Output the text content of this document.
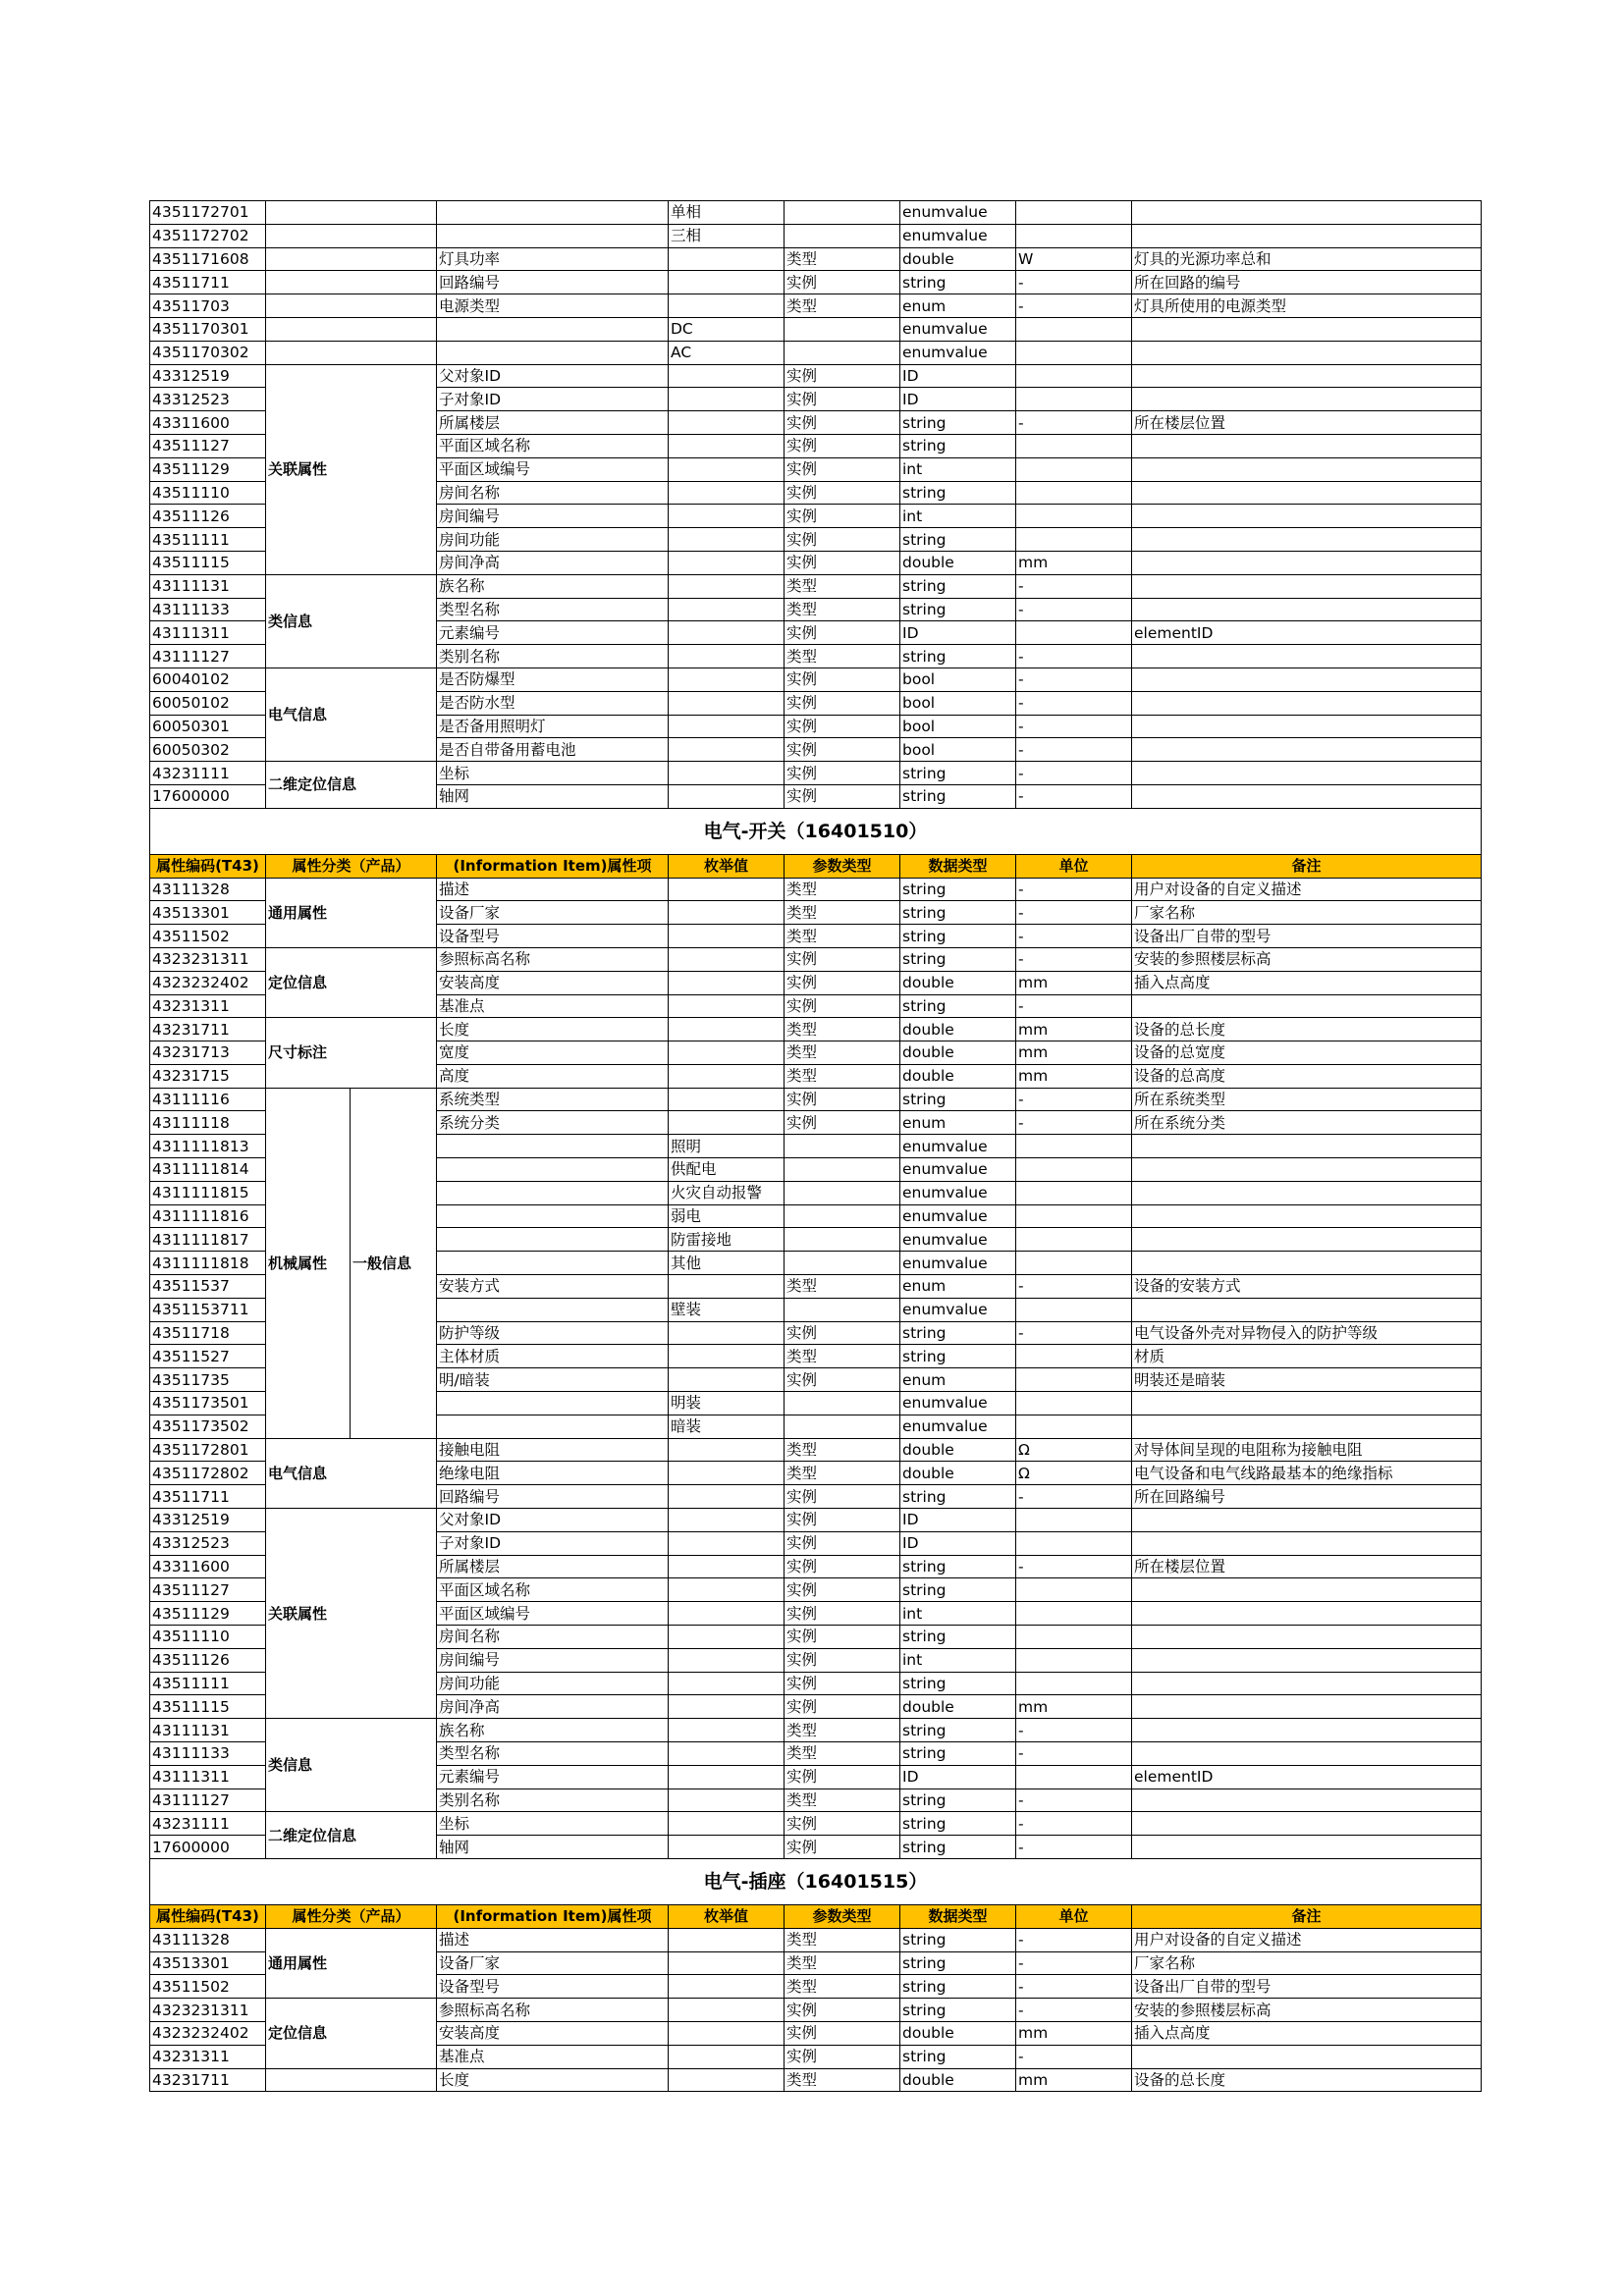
4351172701				单相		enumvalue		
4351172702				三相		enumvalue		
4351171608			灯具功率		类型	double	W	灯具的光源功率总和
43511711			回路编号		实例	string	-	所在回路的编号
43511703			电源类型		类型	enum	-	灯具所使用的电源类型
4351170301				DC		enumvalue		
4351170302				AC		enumvalue		
43312519	关联属性		父对象ID		实例	ID		
43312523			子对象ID		实例	ID		
43311600			所属楼层		实例	string	-	所在楼层位置
43511127			平面区域名称		实例	string		
43511129			平面区域编号		实例	int		
43511110			房间名称		实例	string		
43511126			房间编号		实例	int		
43511111			房间功能		实例	string		
43511115			房间净高		实例	double	mm	
43111131	类信息		族名称		类型	string	-	
43111133			类型名称		类型	string	-	
43111311			元素编号		实例	ID		elementID
43111127			类别名称		类型	string	-	
60040102	电气信息		是否防爆型		实例	bool	-	
60050102			是否防水型		实例	bool	-	
60050301			是否备用照明灯		实例	bool	-	
60050302			是否自带备用蓄电池		实例	bool	-	
43231111	二维定位信息		坐标		实例	string	-	
17600000			轴网		实例	string	-	
电气-开关（16401510）								
属性编码(T43)	属性分类（产品）		(Information Item)属性项	枚举值	参数类型	数据类型	单位	备注
43111328	通用属性		描述		类型	string	-	用户对设备的自定义描述
43513301			设备厂家		类型	string	-	厂家名称
43511502			设备型号		类型	string	-	设备出厂自带的型号
4323231311	定位信息		参照标高名称		实例	string	-	安装的参照楼层标高
4323232402			安装高度		实例	double	mm	插入点高度
43231311			基准点		实例	string	-	
43231711	尺寸标注		长度		类型	double	mm	设备的总长度
43231713			宽度		类型	double	mm	设备的总宽度
43231715			高度		类型	double	mm	设备的总高度
43111116	机械属性	一般信息	系统类型		实例	string	-	所在系统类型
43111118			系统分类		实例	enum	-	所在系统分类
4311111813				照明		enumvalue		
4311111814				供配电		enumvalue		
4311111815				火灾自动报警		enumvalue		
4311111816				弱电		enumvalue		
4311111817				防雷接地		enumvalue		
4311111818				其他		enumvalue		
43511537			安装方式		类型	enum	-	设备的安装方式
4351153711				壁装		enumvalue		
43511718			防护等级		实例	string	-	电气设备外壳对异物侵入的防护等级
43511527			主体材质		类型	string		材质
43511735			明/暗装		实例	enum		明装还是暗装
4351173501				明装		enumvalue		
4351173502				暗装		enumvalue		
4351172801	电气信息		接触电阻		类型	double	Ω	对导体间呈现的电阻称为接触电阻
4351172802			绝缘电阻		类型	double	Ω	电气设备和电气线路最基本的绝缘指标
43511711			回路编号		实例	string	-	所在回路编号
43312519	关联属性		父对象ID		实例	ID		
43312523			子对象ID		实例	ID		
43311600			所属楼层		实例	string	-	所在楼层位置
43511127			平面区域名称		实例	string		
43511129			平面区域编号		实例	int		
43511110			房间名称		实例	string		
43511126			房间编号		实例	int		
43511111			房间功能		实例	string		
43511115			房间净高		实例	double	mm	
43111131	类信息		族名称		类型	string	-	
43111133			类型名称		类型	string	-	
43111311			元素编号		实例	ID		elementID
43111127			类别名称		类型	string	-	
43231111	二维定位信息		坐标		实例	string	-	
17600000			轴网		实例	string	-	
电气-插座（16401515）								
属性编码(T43)	属性分类（产品）		(Information Item)属性项	枚举值	参数类型	数据类型	单位	备注
43111328	通用属性		描述		类型	string	-	用户对设备的自定义描述
43513301			设备厂家		类型	string	-	厂家名称
43511502			设备型号		类型	string	-	设备出厂自带的型号
4323231311	定位信息		参照标高名称		实例	string	-	安装的参照楼层标高
4323232402			安装高度		实例	double	mm	插入点高度
43231311			基准点		实例	string	-	
43231711			长度		类型	double	mm	设备的总长度
